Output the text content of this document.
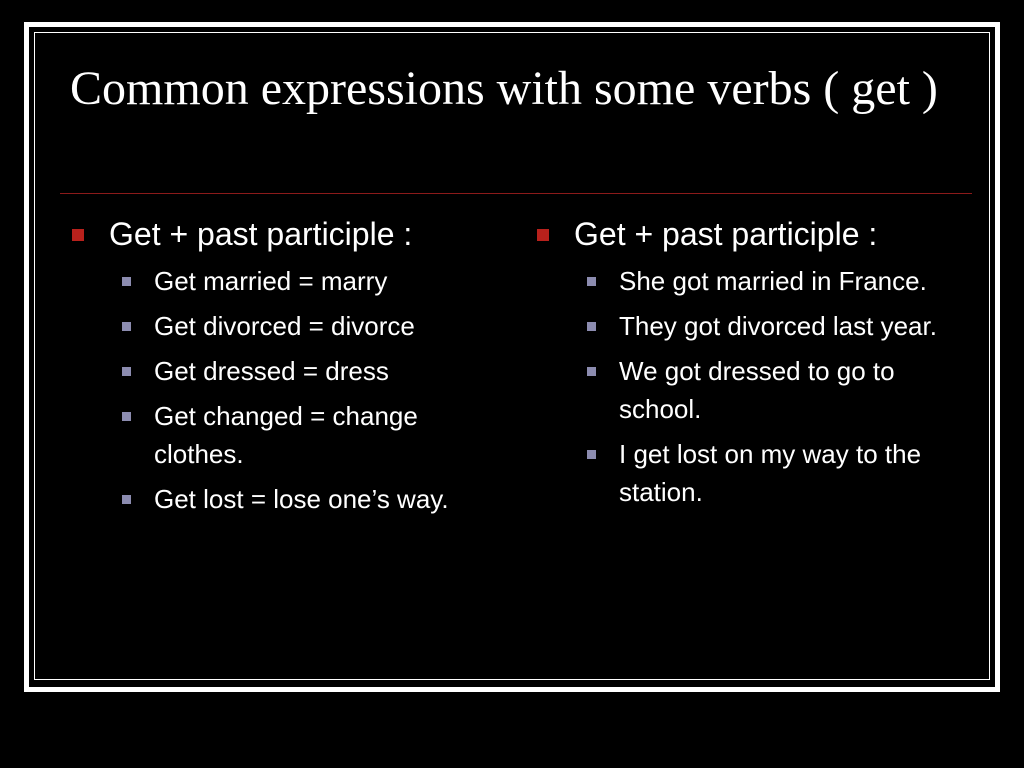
Common expressions with some verbs ( get )
Get + past participle :
Get married = marry
Get divorced = divorce
Get dressed = dress
Get changed = change clothes.
Get lost = lose one’s way.
Get + past participle :
She got married in France.
They got divorced last year.
We got dressed to go to school.
I get lost on my way to the station.
